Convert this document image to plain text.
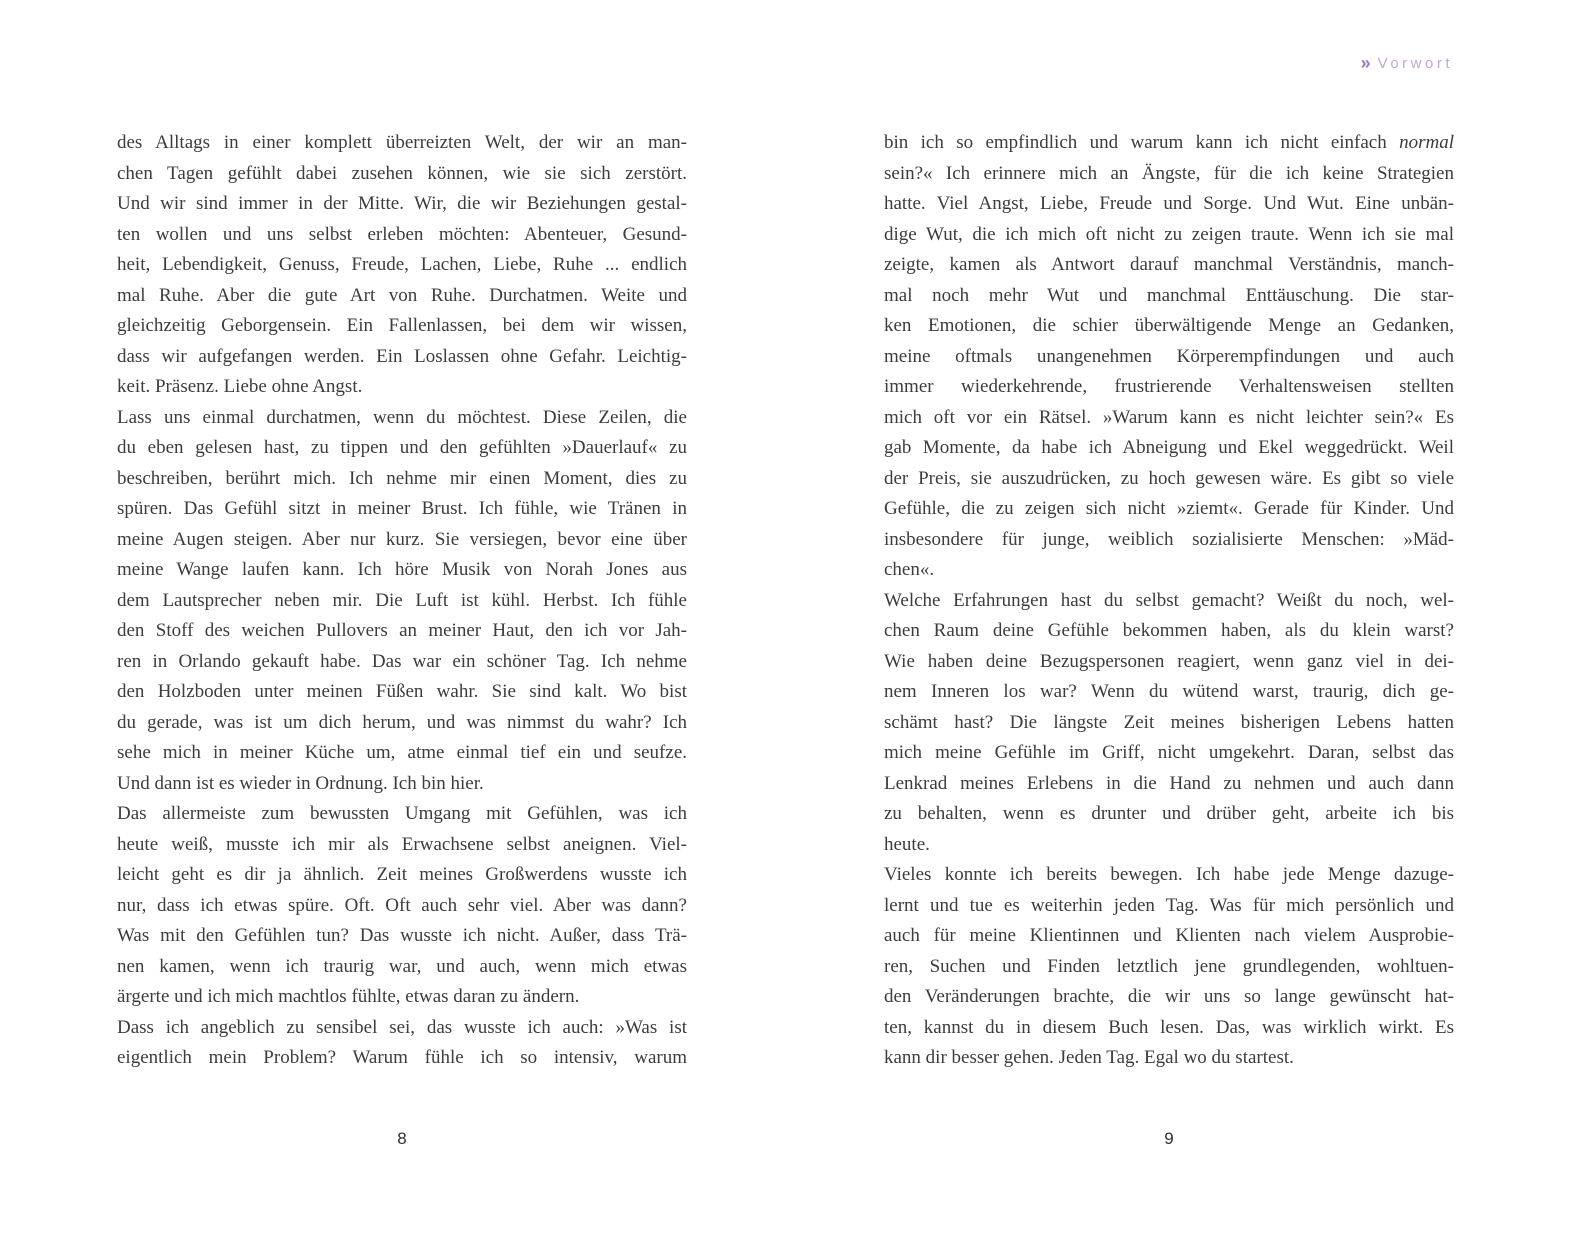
» Vorwort
des Alltags in einer komplett überreizten Welt, der wir an man-
chen Tagen gefühlt dabei zusehen können, wie sie sich zerstört.
Und wir sind immer in der Mitte. Wir, die wir Beziehungen gestal-
ten wollen und uns selbst erleben möchten: Abenteuer, Gesund-
heit, Lebendigkeit, Genuss, Freude, Lachen, Liebe, Ruhe ... endlich
mal Ruhe. Aber die gute Art von Ruhe. Durchatmen. Weite und
gleichzeitig Geborgensein. Ein Fallenlassen, bei dem wir wissen,
dass wir aufgefangen werden. Ein Loslassen ohne Gefahr. Leichtig-
keit. Präsenz. Liebe ohne Angst.
Lass uns einmal durchatmen, wenn du möchtest. Diese Zeilen, die
du eben gelesen hast, zu tippen und den gefühlten »Dauerlauf« zu
beschreiben, berührt mich. Ich nehme mir einen Moment, dies zu
spüren. Das Gefühl sitzt in meiner Brust. Ich fühle, wie Tränen in
meine Augen steigen. Aber nur kurz. Sie versiegen, bevor eine über
meine Wange laufen kann. Ich höre Musik von Norah Jones aus
dem Lautsprecher neben mir. Die Luft ist kühl. Herbst. Ich fühle
den Stoff des weichen Pullovers an meiner Haut, den ich vor Jah-
ren in Orlando gekauft habe. Das war ein schöner Tag. Ich nehme
den Holzboden unter meinen Füßen wahr. Sie sind kalt. Wo bist
du gerade, was ist um dich herum, und was nimmst du wahr? Ich
sehe mich in meiner Küche um, atme einmal tief ein und seufze.
Und dann ist es wieder in Ordnung. Ich bin hier.
Das allermeiste zum bewussten Umgang mit Gefühlen, was ich
heute weiß, musste ich mir als Erwachsene selbst aneignen. Viel-
leicht geht es dir ja ähnlich. Zeit meines Großwerdens wusste ich
nur, dass ich etwas spüre. Oft. Oft auch sehr viel. Aber was dann?
Was mit den Gefühlen tun? Das wusste ich nicht. Außer, dass Trä-
nen kamen, wenn ich traurig war, und auch, wenn mich etwas
ärgerte und ich mich machtlos fühlte, etwas daran zu ändern.
Dass ich angeblich zu sensibel sei, das wusste ich auch: »Was ist
eigentlich mein Problem? Warum fühle ich so intensiv, warum
bin ich so empfindlich und warum kann ich nicht einfach normal
sein?« Ich erinnere mich an Ängste, für die ich keine Strategien
hatte. Viel Angst, Liebe, Freude und Sorge. Und Wut. Eine unbän-
dige Wut, die ich mich oft nicht zu zeigen traute. Wenn ich sie mal
zeigte, kamen als Antwort darauf manchmal Verständnis, manch-
mal noch mehr Wut und manchmal Enttäuschung. Die star-
ken Emotionen, die schier überwältigende Menge an Gedanken,
meine oftmals unangenehmen Körperempfindungen und auch
immer wiederkehrende, frustrierende Verhaltensweisen stellten
mich oft vor ein Rätsel. »Warum kann es nicht leichter sein?« Es
gab Momente, da habe ich Abneigung und Ekel weggedrückt. Weil
der Preis, sie auszudrücken, zu hoch gewesen wäre. Es gibt so viele
Gefühle, die zu zeigen sich nicht »ziemt«. Gerade für Kinder. Und
insbesondere für junge, weiblich sozialisierte Menschen: »Mäd-
chen«.
Welche Erfahrungen hast du selbst gemacht? Weißt du noch, wel-
chen Raum deine Gefühle bekommen haben, als du klein warst?
Wie haben deine Bezugspersonen reagiert, wenn ganz viel in dei-
nem Inneren los war? Wenn du wütend warst, traurig, dich ge-
schämt hast? Die längste Zeit meines bisherigen Lebens hatten
mich meine Gefühle im Griff, nicht umgekehrt. Daran, selbst das
Lenkrad meines Erlebens in die Hand zu nehmen und auch dann
zu behalten, wenn es drunter und drüber geht, arbeite ich bis
heute.
Vieles konnte ich bereits bewegen. Ich habe jede Menge dazuge-
lernt und tue es weiterhin jeden Tag. Was für mich persönlich und
auch für meine Klientinnen und Klienten nach vielem Ausprobie-
ren, Suchen und Finden letztlich jene grundlegenden, wohltuen-
den Veränderungen brachte, die wir uns so lange gewünscht hat-
ten, kannst du in diesem Buch lesen. Das, was wirklich wirkt. Es
kann dir besser gehen. Jeden Tag. Egal wo du startest.
8	9
